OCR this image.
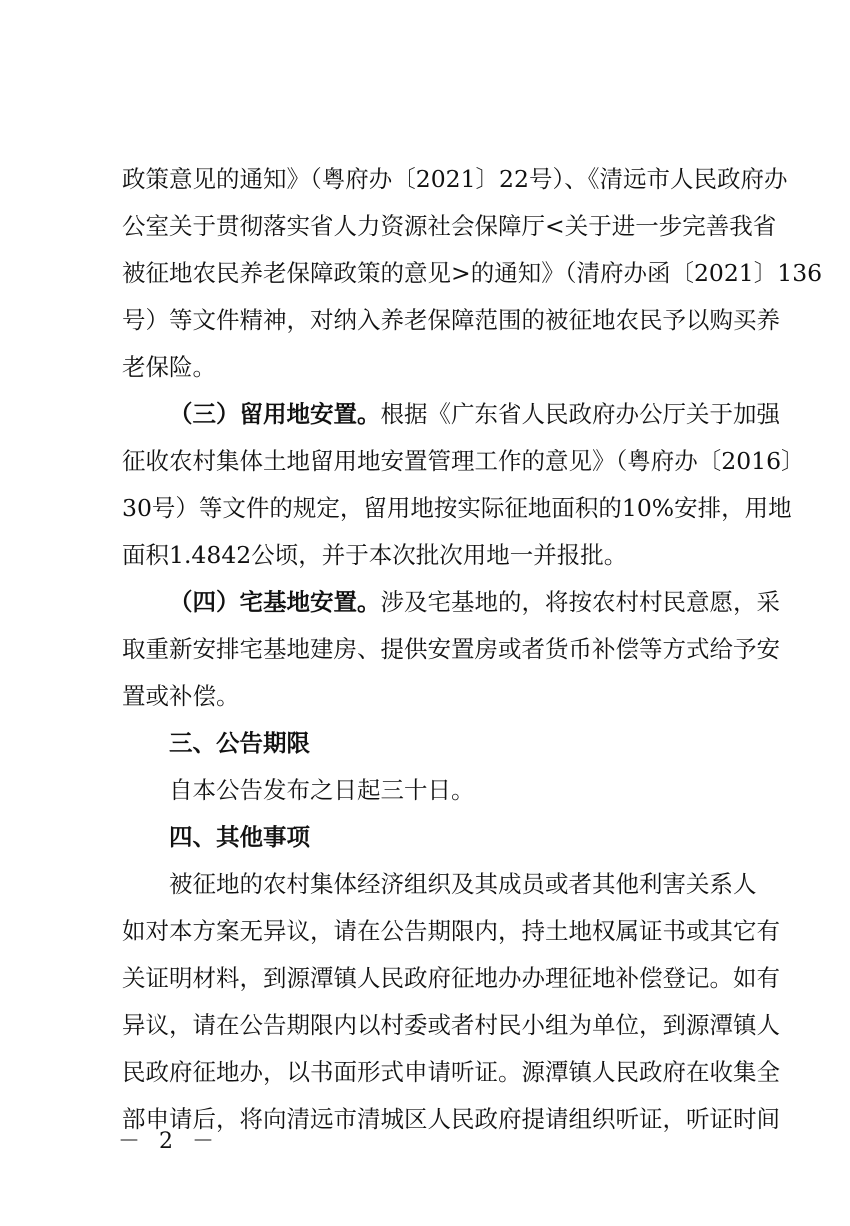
政策意见的通知》（粤府办〔2021〕22号）、《清远市人民政府办
公室关于贯彻落实省人力资源社会保障厅<关于进一步完善我省
被征地农民养老保障政策的意见>的通知》（清府办函〔2021〕136
号）等文件精神，对纳入养老保障范围的被征地农民予以购买养
老保险。
（三）留用地安置。根据《广东省人民政府办公厅关于加强
征收农村集体土地留用地安置管理工作的意见》（粤府办〔2016〕
30号）等文件的规定，留用地按实际征地面积的10%安排，用地
面积1.4842公顷，并于本次批次用地一并报批。
（四）宅基地安置。涉及宅基地的，将按农村村民意愿，采
取重新安排宅基地建房、提供安置房或者货币补偿等方式给予安
置或补偿。
三、公告期限
自本公告发布之日起三十日。
四、其他事项
被征地的农村集体经济组织及其成员或者其他利害关系人
如对本方案无异议，请在公告期限内，持土地权属证书或其它有
关证明材料，到源潭镇人民政府征地办办理征地补偿登记。如有
异议，请在公告期限内以村委或者村民小组为单位，到源潭镇人
民政府征地办，以书面形式申请听证。源潭镇人民政府在收集全
部申请后，将向清远市清城区人民政府提请组织听证，听证时间
－ 2 －
